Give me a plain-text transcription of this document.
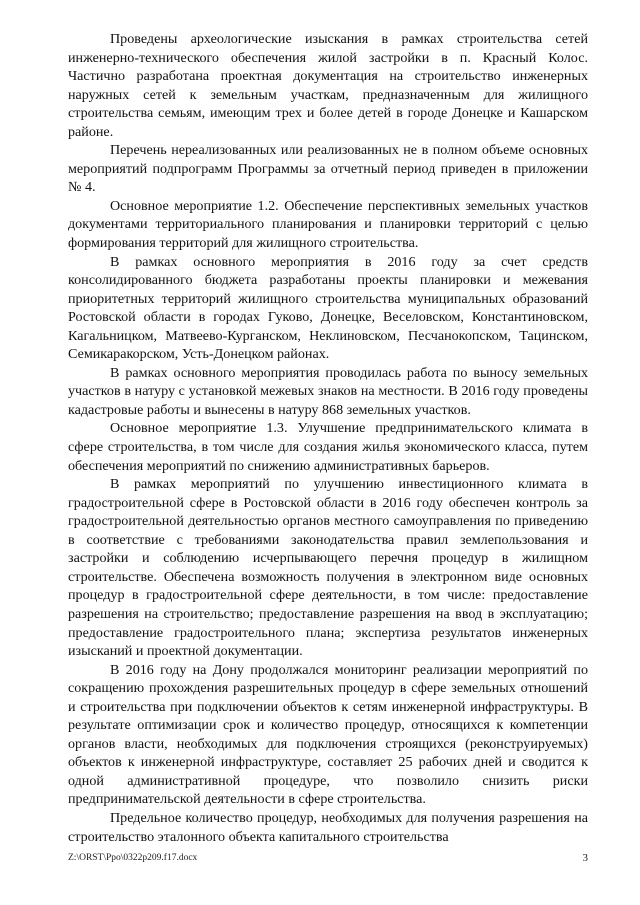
Проведены археологические изыскания в рамках строительства сетей инженерно-технического обеспечения жилой застройки в п. Красный Колос. Частично разработана проектная документация на строительство инженерных наружных сетей к земельным участкам, предназначенным для жилищного строительства семьям, имеющим трех и более детей в городе Донецке и Кашарском районе.

Перечень нереализованных или реализованных не в полном объеме основных мероприятий подпрограмм Программы за отчетный период приведен в приложении № 4.

Основное мероприятие 1.2. Обеспечение перспективных земельных участков документами территориального планирования и планировки территорий с целью формирования территорий для жилищного строительства.

В рамках основного мероприятия в 2016 году за счет средств консолидированного бюджета разработаны проекты планировки и межевания приоритетных территорий жилищного строительства муниципальных образований Ростовской области в городах Гуково, Донецке, Веселовском, Константиновском, Кагальницком, Матвеево-Курганском, Неклиновском, Песчанокопском, Тацинском, Семикаракорском, Усть-Донецком районах.

В рамках основного мероприятия проводилась работа по выносу земельных участков в натуру с установкой межевых знаков на местности. В 2016 году проведены кадастровые работы и вынесены в натуру 868 земельных участков.

Основное мероприятие 1.3. Улучшение предпринимательского климата в сфере строительства, в том числе для создания жилья экономического класса, путем обеспечения мероприятий по снижению административных барьеров.

В рамках мероприятий по улучшению инвестиционного климата в градостроительной сфере в Ростовской области в 2016 году обеспечен контроль за градостроительной деятельностью органов местного самоуправления по приведению в соответствие с требованиями законодательства правил землепользования и застройки и соблюдению исчерпывающего перечня процедур в жилищном строительстве. Обеспечена возможность получения в электронном виде основных процедур в градостроительной сфере деятельности, в том числе: предоставление разрешения на строительство; предоставление разрешения на ввод в эксплуатацию; предоставление градостроительного плана; экспертиза результатов инженерных изысканий и проектной документации.

В 2016 году на Дону продолжался мониторинг реализации мероприятий по сокращению прохождения разрешительных процедур в сфере земельных отношений и строительства при подключении объектов к сетям инженерной инфраструктуры. В результате оптимизации срок и количество процедур, относящихся к компетенции органов власти, необходимых для подключения строящихся (реконструируемых) объектов к инженерной инфраструктуре, составляет 25 рабочих дней и сводится к одной административной процедуре, что позволило снизить риски предпринимательской деятельности в сфере строительства.

Предельное количество процедур, необходимых для получения разрешения на строительство эталонного объекта капитального строительства

Z:\ORST\Ppo\0322p209.f17.docx	3
